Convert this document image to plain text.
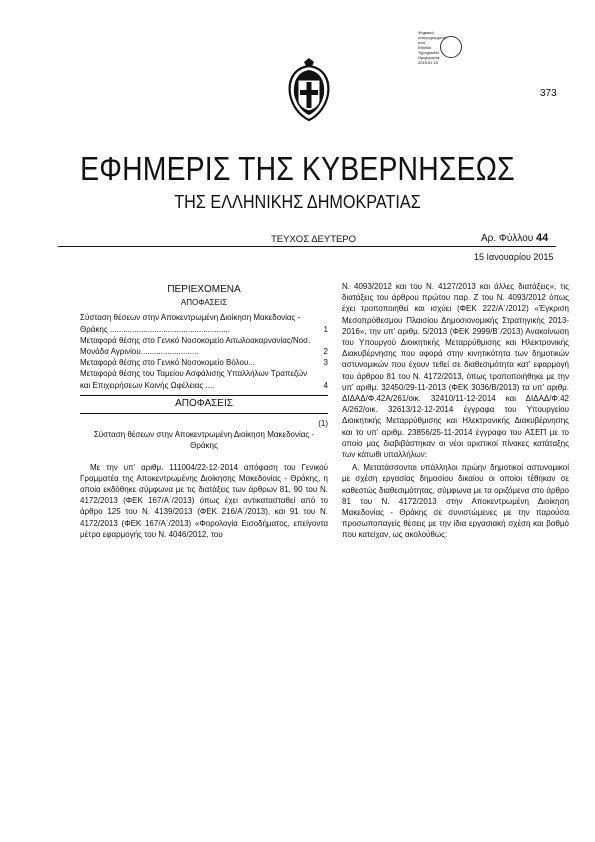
Ψηφιακά
υπογεγραμμένο
από
Ethniko
Typografeio
Ημερομηνία:
2015.01.15
373
ΕΦΗΜΕΡΙΣ ΤΗΣ ΚΥΒΕΡΝΗΣΕΩΣ
ΤΗΣ ΕΛΛΗΝΙΚΗΣ ΔΗΜΟΚΡΑΤΙΑΣ
ΤΕΥΧΟΣ ΔΕΥΤΕΡΟ	Αρ. Φύλλου 44
15 Ιανουαρίου 2015
ΠΕΡΙΕΧΟΜΕΝΑ
ΑΠΟΦΑΣΕΙΣ
Σύσταση θέσεων στην Αποκεντρωμένη Διοίκηση Μακεδονίας - Θράκης ......................................................	1
Μεταφορά θέσης στο Γενικό Νοσοκομείο Αιτωλοακαρνανίας/Νοσ. Μονάδα Αγρινίου..........................	2
Μεταφορά θέσης στο Γενικό Νοσοκομείο Βόλου...	3
Μεταφορά θέσης του Ταμείου Ασφάλισης Υπαλλήλων Τραπεζών και Επιχειρήσεων Κοινής Ωφέλειας ....	4
ΑΠΟΦΑΣΕΙΣ
(1)
Σύσταση θέσεων στην Αποκεντρωμένη Διοίκηση Μακεδονίας - Θράκης

Με την υπ’ αριθμ. 111004/22-12-2014 απόφαση του Γενικού Γραμματέα της Αποκεντρωμένης Διοίκησης Μακεδονίας - Θράκης, η οποία εκδόθηκε σύμφωνα με τις διατάξεις των άρθρων 81, 90 του Ν. 4172/2013 (ΦΕΚ 167/Α΄/2013) όπως έχει αντικατασταθεί από το άρθρο 125 του Ν. 4139/2013 (ΦΕΚ 216/Α΄/2013), και 91 του Ν. 4172/2013 (ΦΕΚ 167/Α΄/2013) «Φορολογία Εισοδήματος, επείγοντα μέτρα εφαρμογής του Ν. 4046/2012, του

Ν. 4093/2012 και του Ν. 4127/2013 και άλλες διατάξεις», τις διατάξεις του άρθρου πρώτου παρ. Ζ του Ν. 4093/2012 όπως έχει τροποποιηθεί και ισχύει (ΦΕΚ 222/Α΄/2012) «Έγκριση Μεσοπρόθεσμου Πλαισίου Δημοσιονομικής Στρατηγικής 2013-2016», την υπ’ αριθμ. 5/2013 (ΦΕΚ 2999/Β΄/2013) Ανακοίνωση του Υπουργού Διοικητικής Μεταρρύθμισης και Ηλεκτρονικής Διακυβέρνησης που αφορά στην κινητικότητα των δημοτικών αστυνομικών που έχουν τεθεί σε διαθεσιμότητα κατ’ εφαρμογή του άρθρου 81 του Ν. 4172/2013, όπως τροποποιήθηκε με την υπ’ αριθμ. 32450/29-11-2013 (ΦΕΚ 3036/Β/2013) τα υπ’ αριθμ. ΔΙΔΑΔ/Φ.42Α/261/οικ. 32410/11-12-2014 και ΔΙΔΑΔ/Φ.42 Α/262/οικ. 32613/12-12-2014 έγγραφα του Υπουργείου Διοικητικής Μεταρρύθμισης και Ηλεκτρονικής Διακυβέρνησης και το υπ’ αριθμ. 23856/25-11-2014 έγγραφο του ΑΣΕΠ με το οποίο μας διαβιβάστηκαν οι νέοι οριστικοί πίνακες κατάταξης των κάτωθι υπαλλήλων:

Α. Μετατάσσονται υπάλληλοι πρώην δημοτικοί αστυνομικοί με σχέση εργασίας δημοσίου δικαίου οι οποίοι τέθηκαν σε καθεστώς διαθεσιμότητας, σύμφωνα με τα οριζόμενα στο άρθρο 81 του Ν. 4172/2013 στην Αποκεντρωμένη Διοίκηση Μακεδονίας - Θράκης σε συνιστώμενες με την παρούσα προσωποπαγείς θέσεις με την ίδια εργασιακή σχέση και βαθμό που κατείχαν, ως ακολούθως:
